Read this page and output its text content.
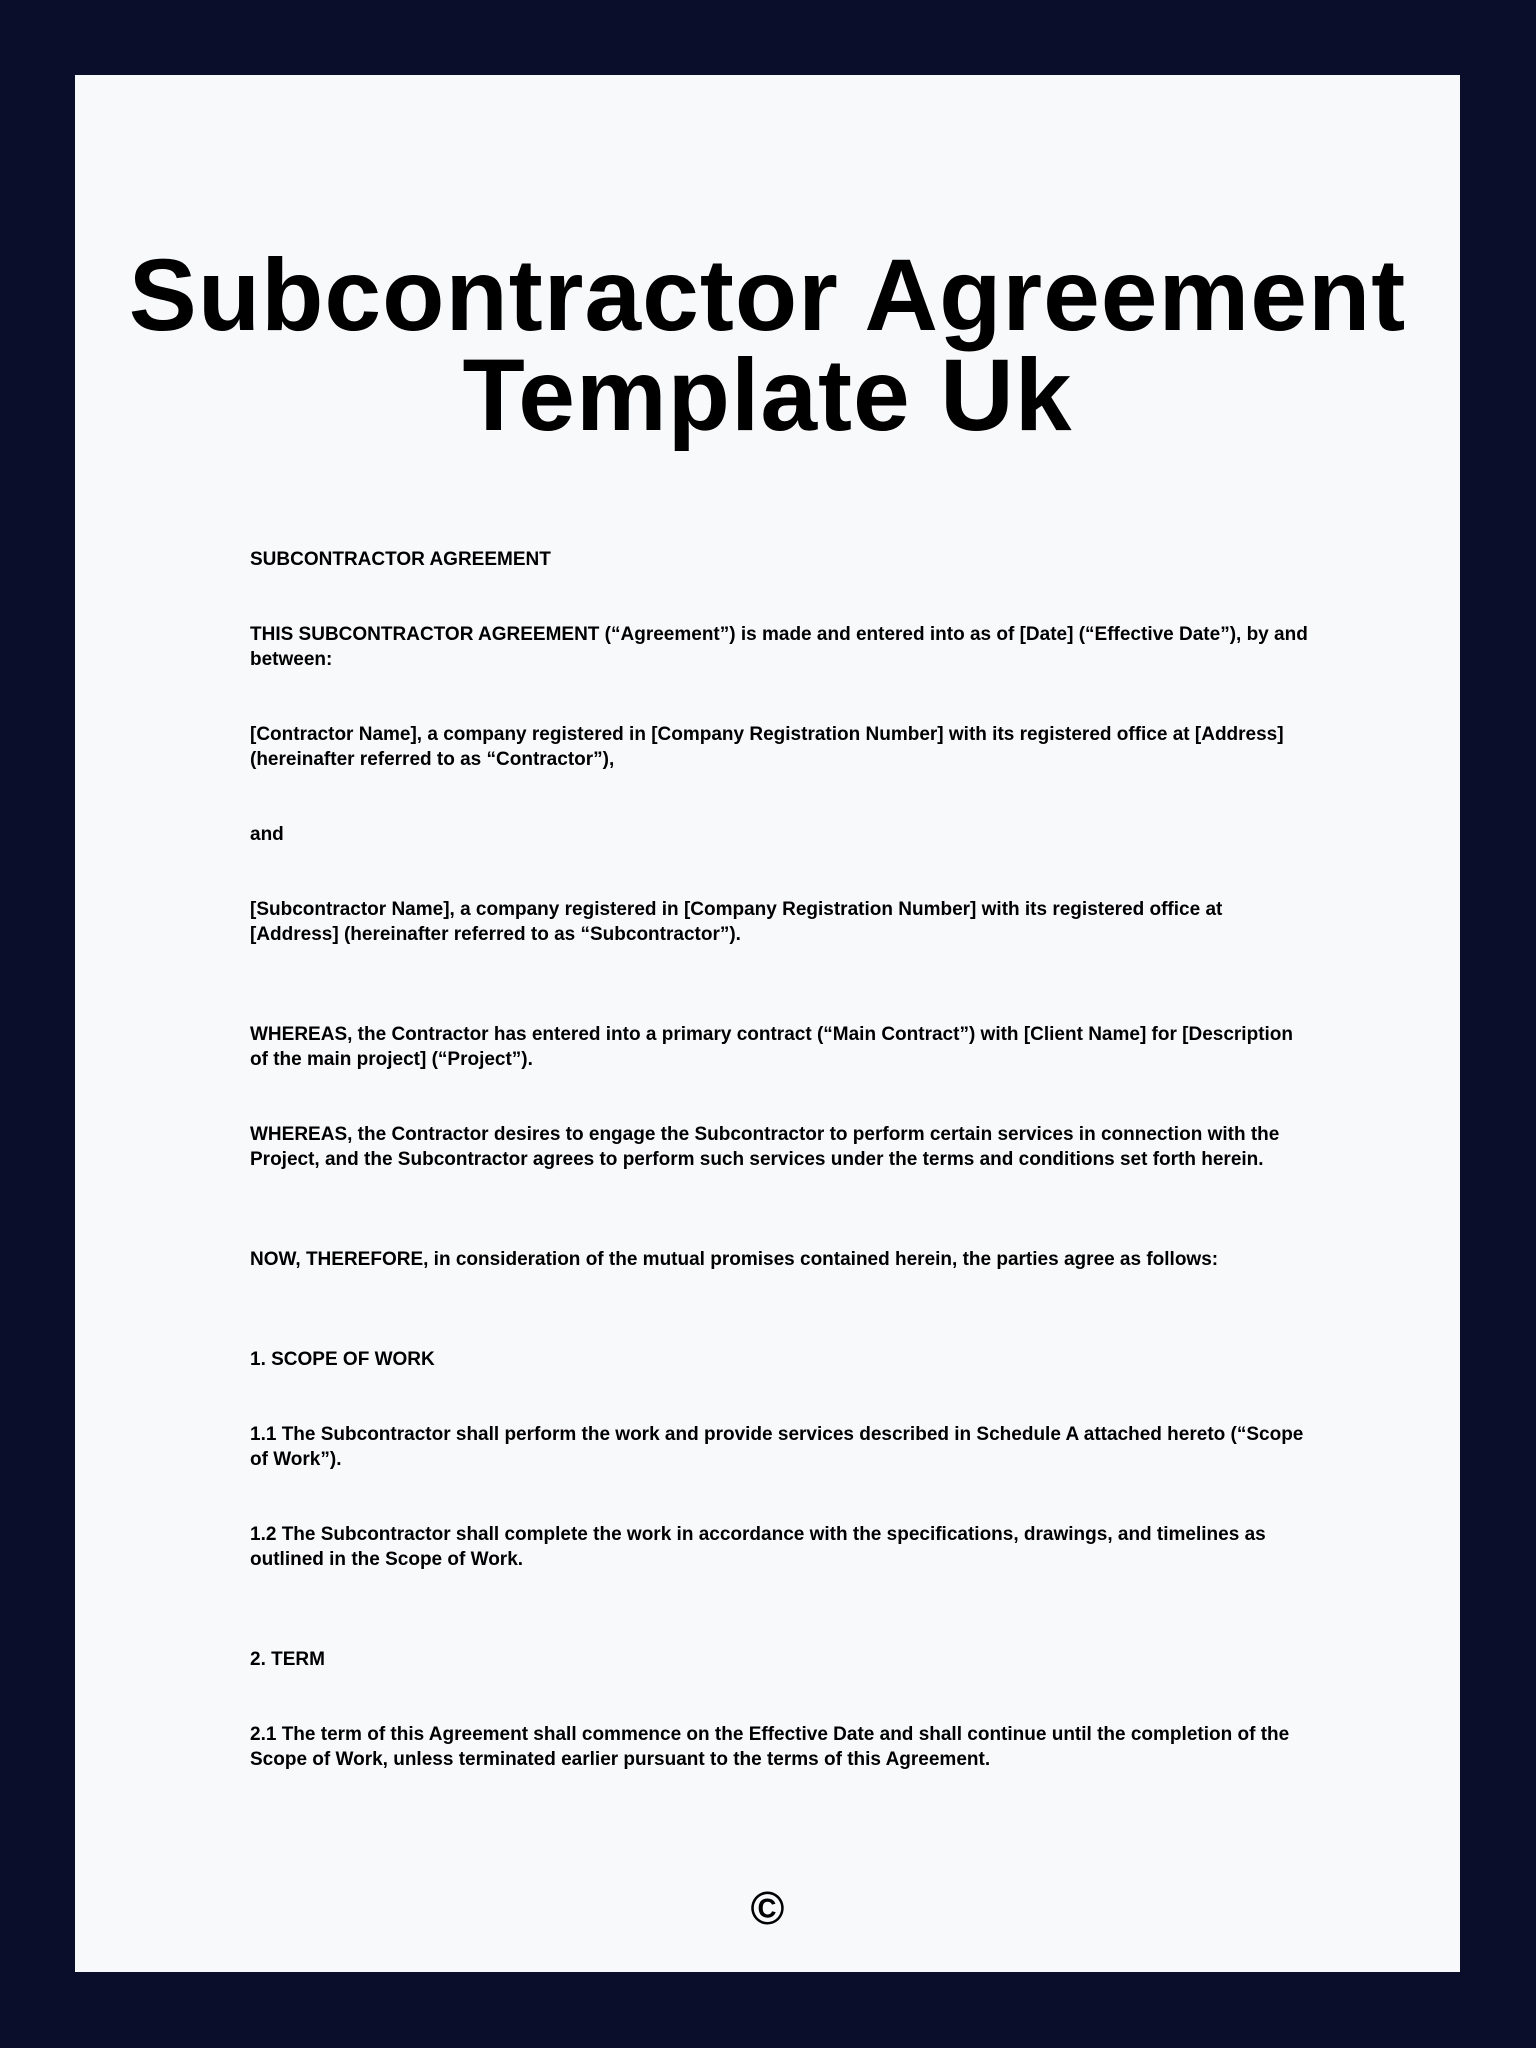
Subcontractor Agreement
Template Uk

SUBCONTRACTOR AGREEMENT

THIS SUBCONTRACTOR AGREEMENT (“Agreement”) is made and entered into as of [Date] (“Effective Date”), by and between:

[Contractor Name], a company registered in [Company Registration Number] with its registered office at [Address] (hereinafter referred to as “Contractor”),

and

[Subcontractor Name], a company registered in [Company Registration Number] with its registered office at [Address] (hereinafter referred to as “Subcontractor”).

WHEREAS, the Contractor has entered into a primary contract (“Main Contract”) with [Client Name] for [Description of the main project] (“Project”).

WHEREAS, the Contractor desires to engage the Subcontractor to perform certain services in connection with the Project, and the Subcontractor agrees to perform such services under the terms and conditions set forth herein.

NOW, THEREFORE, in consideration of the mutual promises contained herein, the parties agree as follows:

1. SCOPE OF WORK

1.1 The Subcontractor shall perform the work and provide services described in Schedule A attached hereto (“Scope of Work”).

1.2 The Subcontractor shall complete the work in accordance with the specifications, drawings, and timelines as outlined in the Scope of Work.

2. TERM

2.1 The term of this Agreement shall commence on the Effective Date and shall continue until the completion of the Scope of Work, unless terminated earlier pursuant to the terms of this Agreement.

©
